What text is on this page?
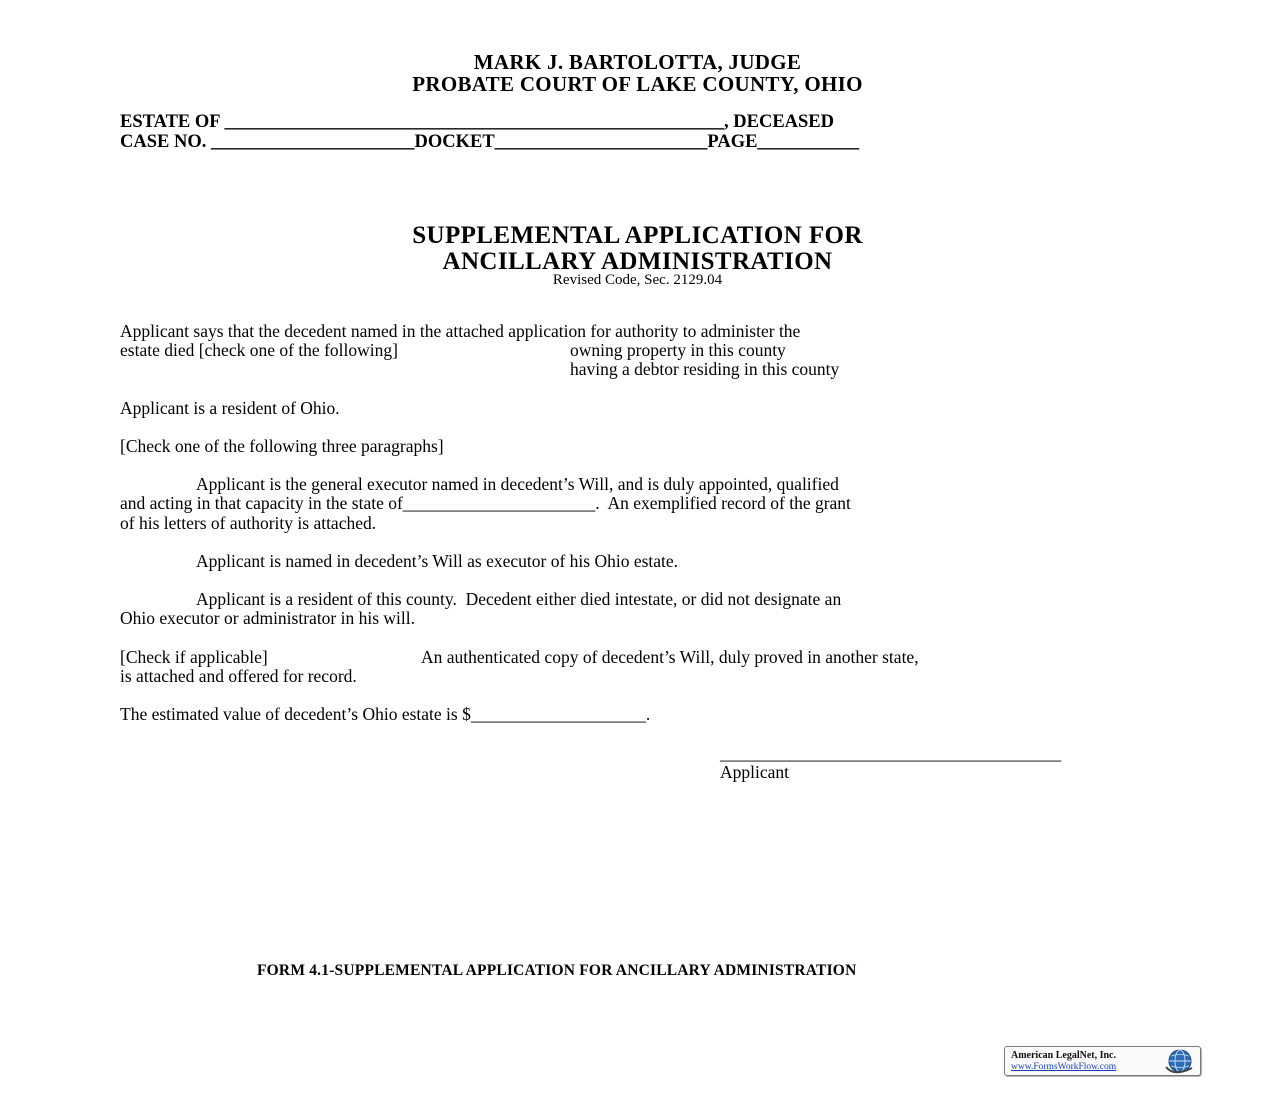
MARK J. BARTOLOTTA, JUDGE
PROBATE COURT OF LAKE COUNTY, OHIO
ESTATE OF ______________________________________________________, DECEASED
CASE NO. ______________________DOCKET_______________________PAGE___________
SUPPLEMENTAL APPLICATION FOR
ANCILLARY ADMINISTRATION
Revised Code, Sec. 2129.04
Applicant says that the decedent named in the attached application for authority to administer the
estate died [check one of the following]	owning property in this county
having a debtor residing in this county
Applicant is a resident of Ohio.
[Check one of the following three paragraphs]
Applicant is the general executor named in decedent’s Will, and is duly appointed, qualified
and acting in that capacity in the state of______________________.  An exemplified record of the grant
of his letters of authority is attached.
Applicant is named in decedent’s Will as executor of his Ohio estate.
Applicant is a resident of this county.  Decedent either died intestate, or did not designate an
Ohio executor or administrator in his will.
[Check if applicable]	An authenticated copy of decedent’s Will, duly proved in another state,
is attached and offered for record.
The estimated value of decedent’s Ohio estate is $____________________.
_______________________________________
Applicant
FORM 4.1-SUPPLEMENTAL APPLICATION FOR ANCILLARY ADMINISTRATION
American LegalNet, Inc.
www.FormsWorkFlow.com
